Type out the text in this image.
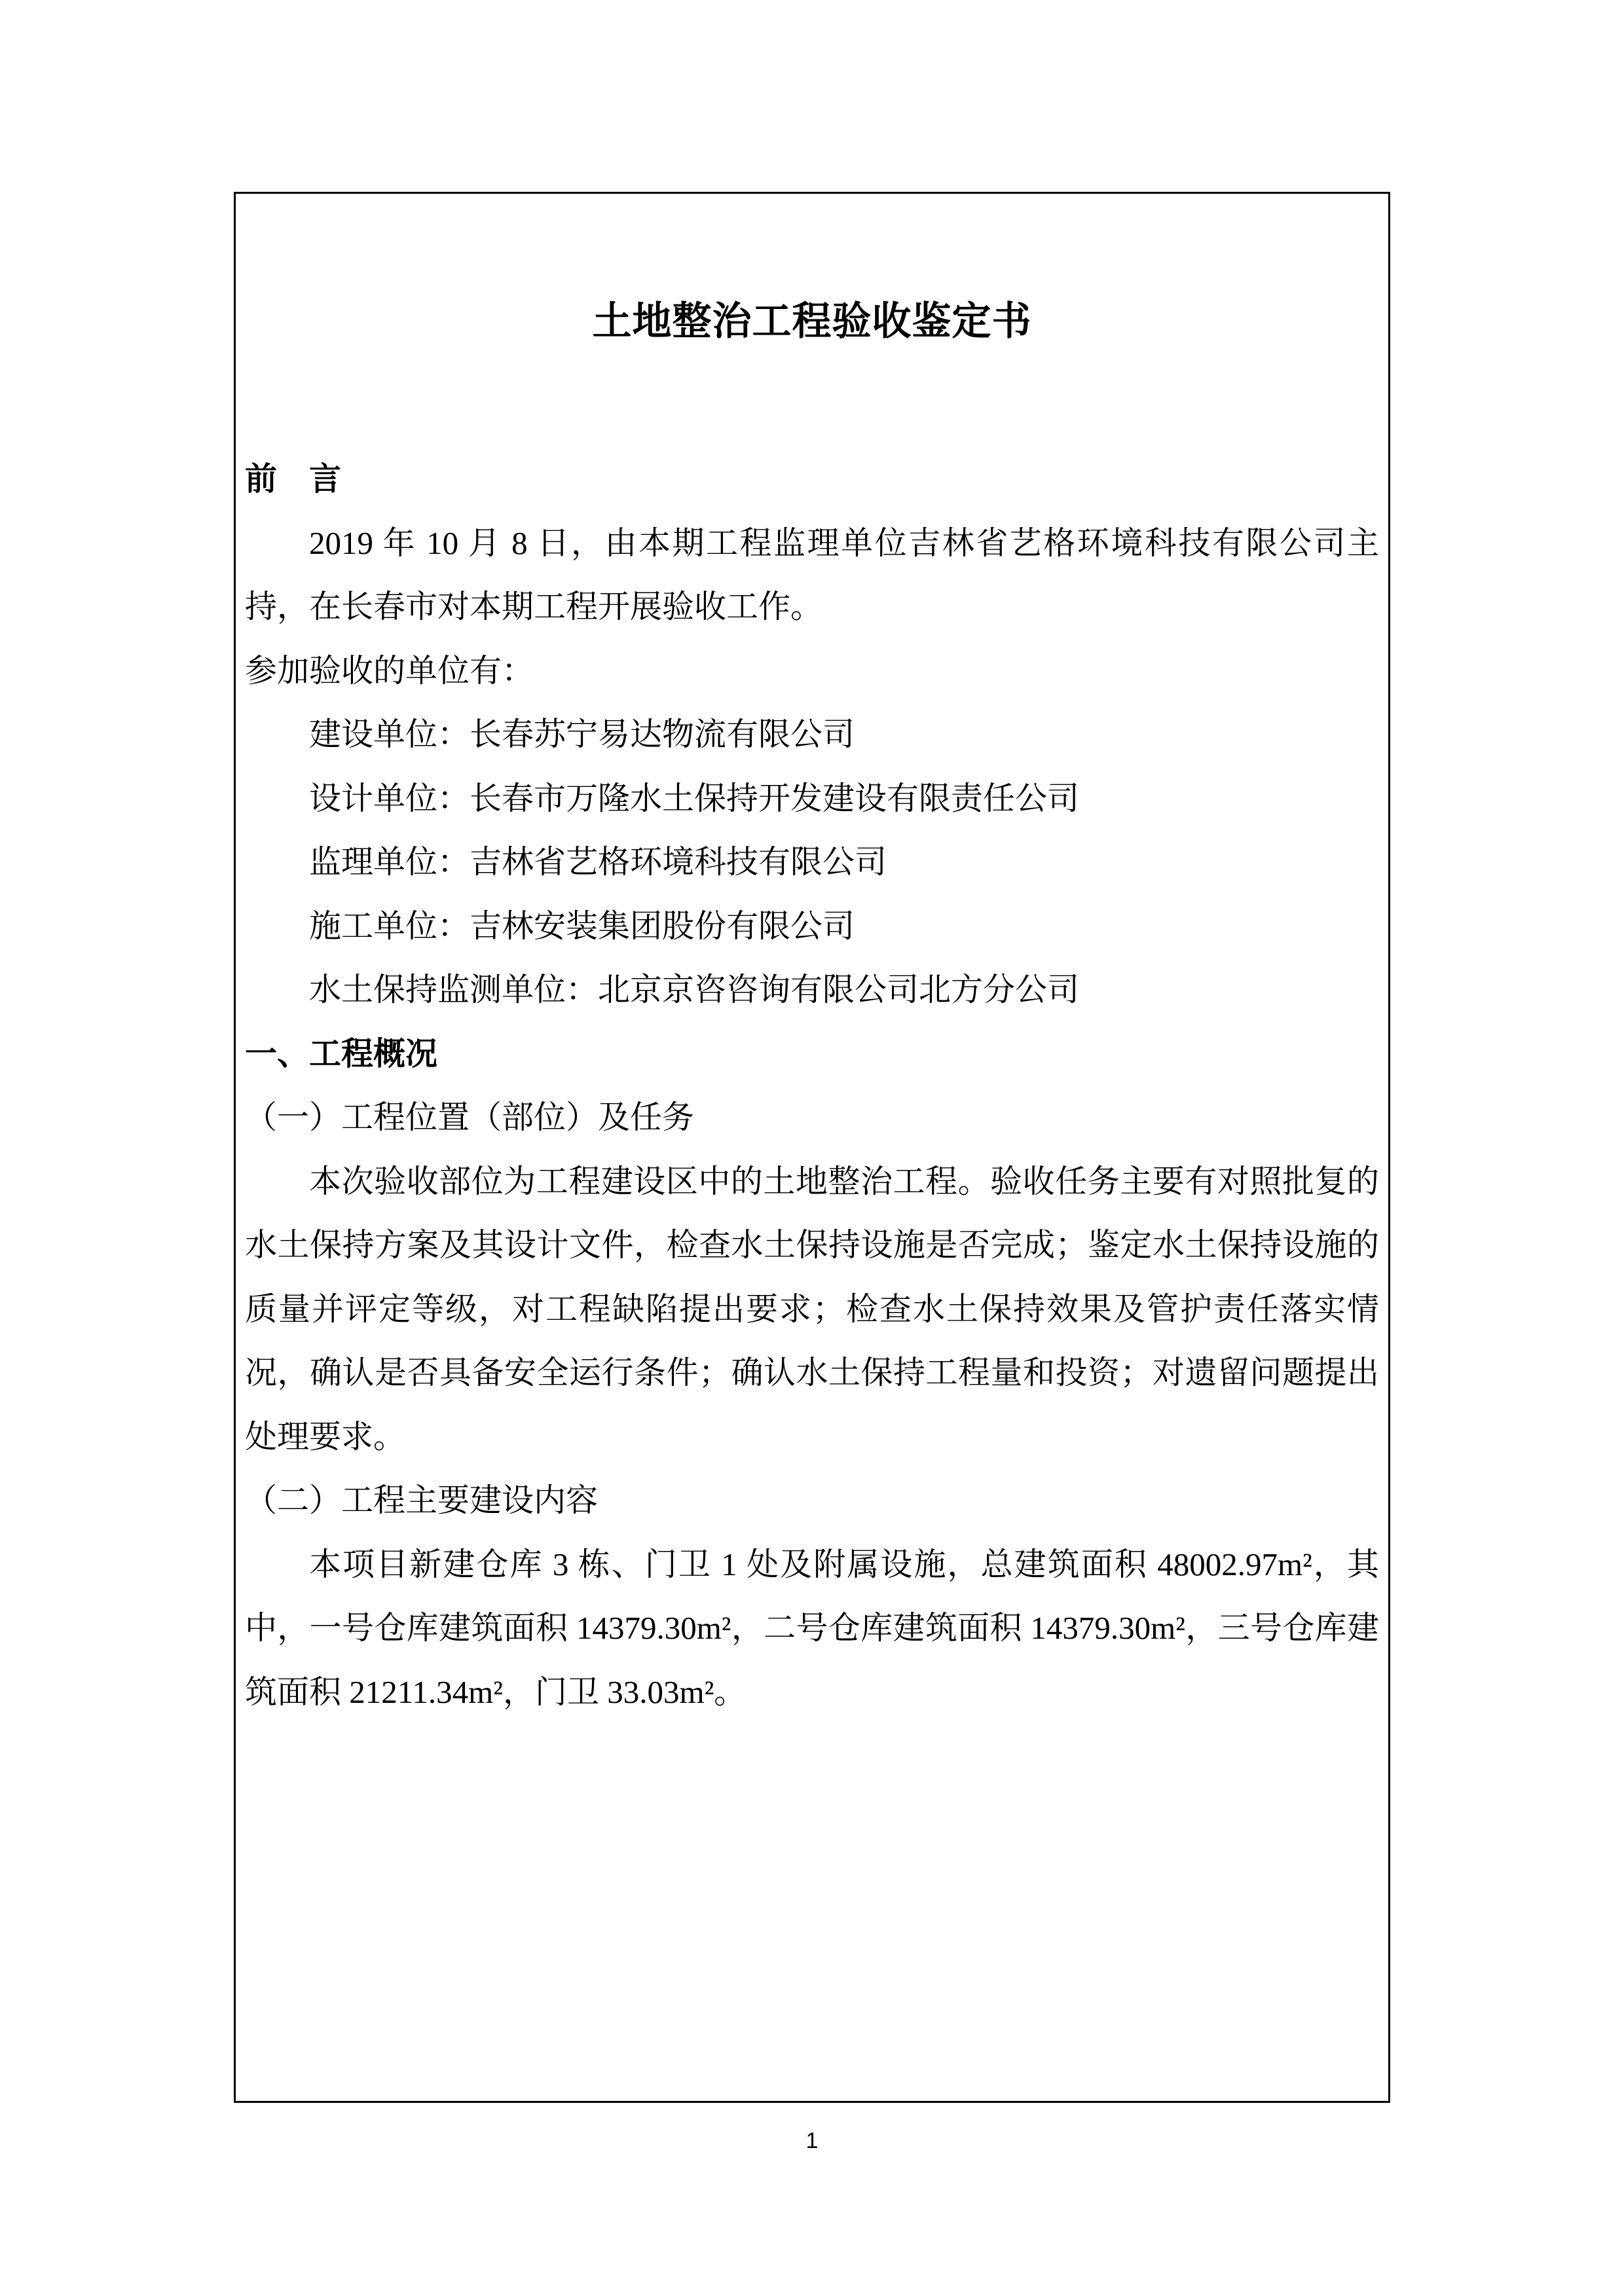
土地整治工程验收鉴定书

前　言

2019 年 10 月 8 日，由本期工程监理单位吉林省艺格环境科技有限公司主持，在长春市对本期工程开展验收工作。

参加验收的单位有：

建设单位：长春苏宁易达物流有限公司

设计单位：长春市万隆水土保持开发建设有限责任公司

监理单位：吉林省艺格环境科技有限公司

施工单位：吉林安装集团股份有限公司

水土保持监测单位：北京京咨咨询有限公司北方分公司

一、工程概况

（一）工程位置（部位）及任务

本次验收部位为工程建设区中的土地整治工程。验收任务主要有对照批复的水土保持方案及其设计文件，检查水土保持设施是否完成；鉴定水土保持设施的质量并评定等级，对工程缺陷提出要求；检查水土保持效果及管护责任落实情况，确认是否具备安全运行条件；确认水土保持工程量和投资；对遗留问题提出处理要求。

（二）工程主要建设内容

本项目新建仓库 3 栋、门卫 1 处及附属设施，总建筑面积 48002.97m²，其中，一号仓库建筑面积 14379.30m²，二号仓库建筑面积 14379.30m²，三号仓库建筑面积 21211.34m²，门卫 33.03m²。

1
